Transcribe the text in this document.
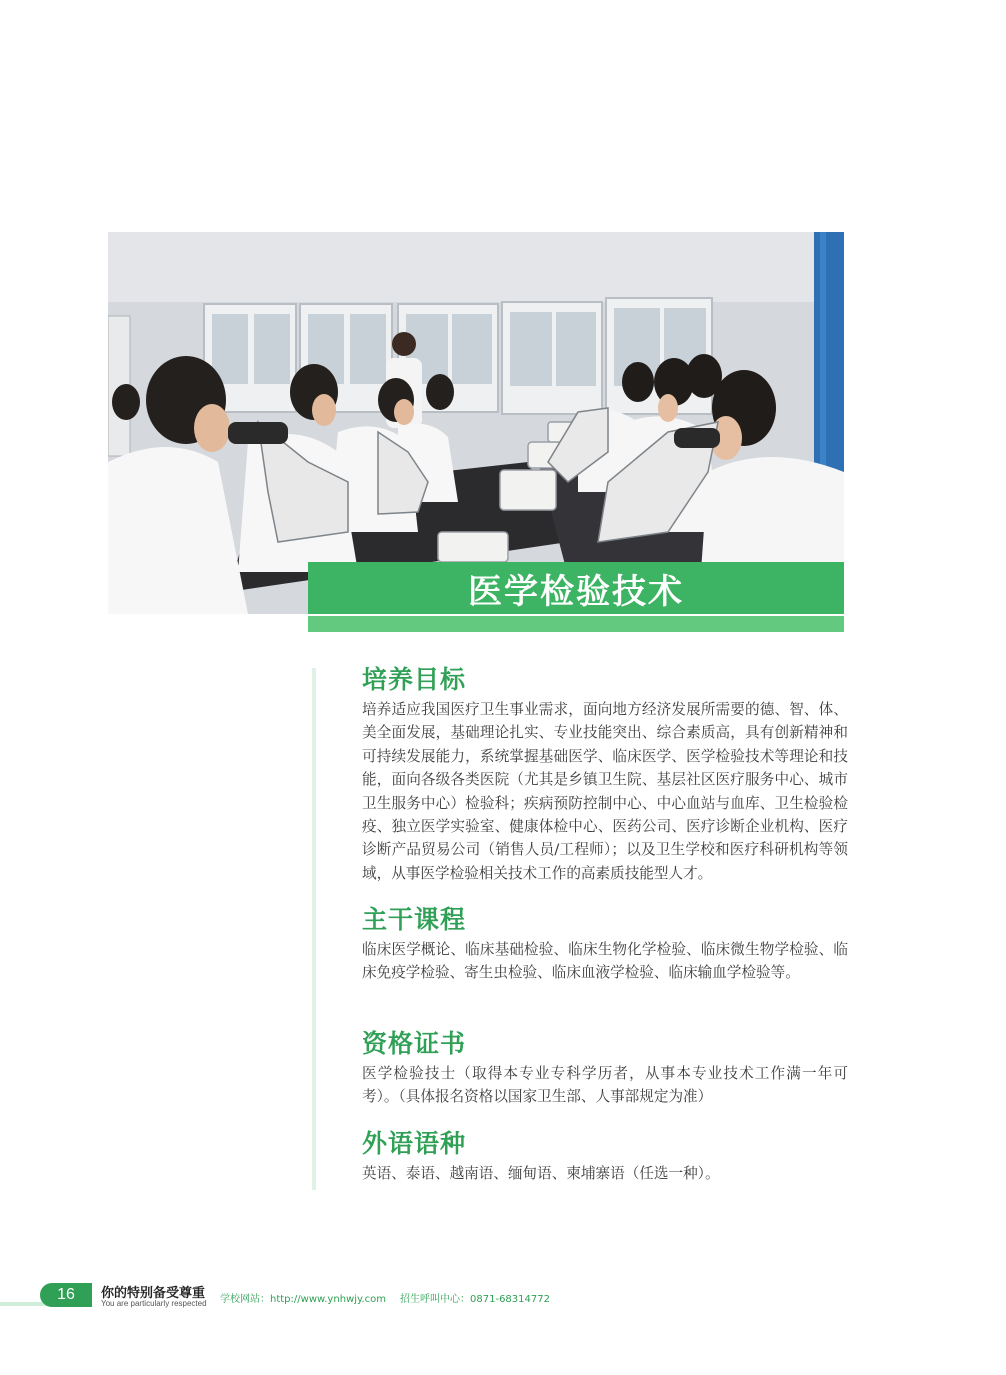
医学检验技术
培养目标

培养适应我国医疗卫生事业需求，面向地方经济发展所需要的德、智、体、美全面发展，基础理论扎实、专业技能突出、综合素质高，具有创新精神和可持续发展能力，系统掌握基础医学、临床医学、医学检验技术等理论和技能，面向各级各类医院（尤其是乡镇卫生院、基层社区医疗服务中心、城市卫生服务中心）检验科；疾病预防控制中心、中心血站与血库、卫生检验检疫、独立医学实验室、健康体检中心、医药公司、医疗诊断企业机构、医疗诊断产品贸易公司（销售人员/工程师）；以及卫生学校和医疗科研机构等领域，从事医学检验相关技术工作的高素质技能型人才。

主干课程

临床医学概论、临床基础检验、临床生物化学检验、临床微生物学检验、临床免疫学检验、寄生虫检验、临床血液学检验、临床输血学检验等。

资格证书

医学检验技士（取得本专业专科学历者，从事本专业技术工作满一年可考）。（具体报名资格以国家卫生部、人事部规定为准）

外语语种

英语、泰语、越南语、缅甸语、柬埔寨语（任选一种）。

16	你的特别备受尊重
You are particularly respected 学校网站：http://www.ynhwjy.com 招生呼叫中心：0871-68314772
